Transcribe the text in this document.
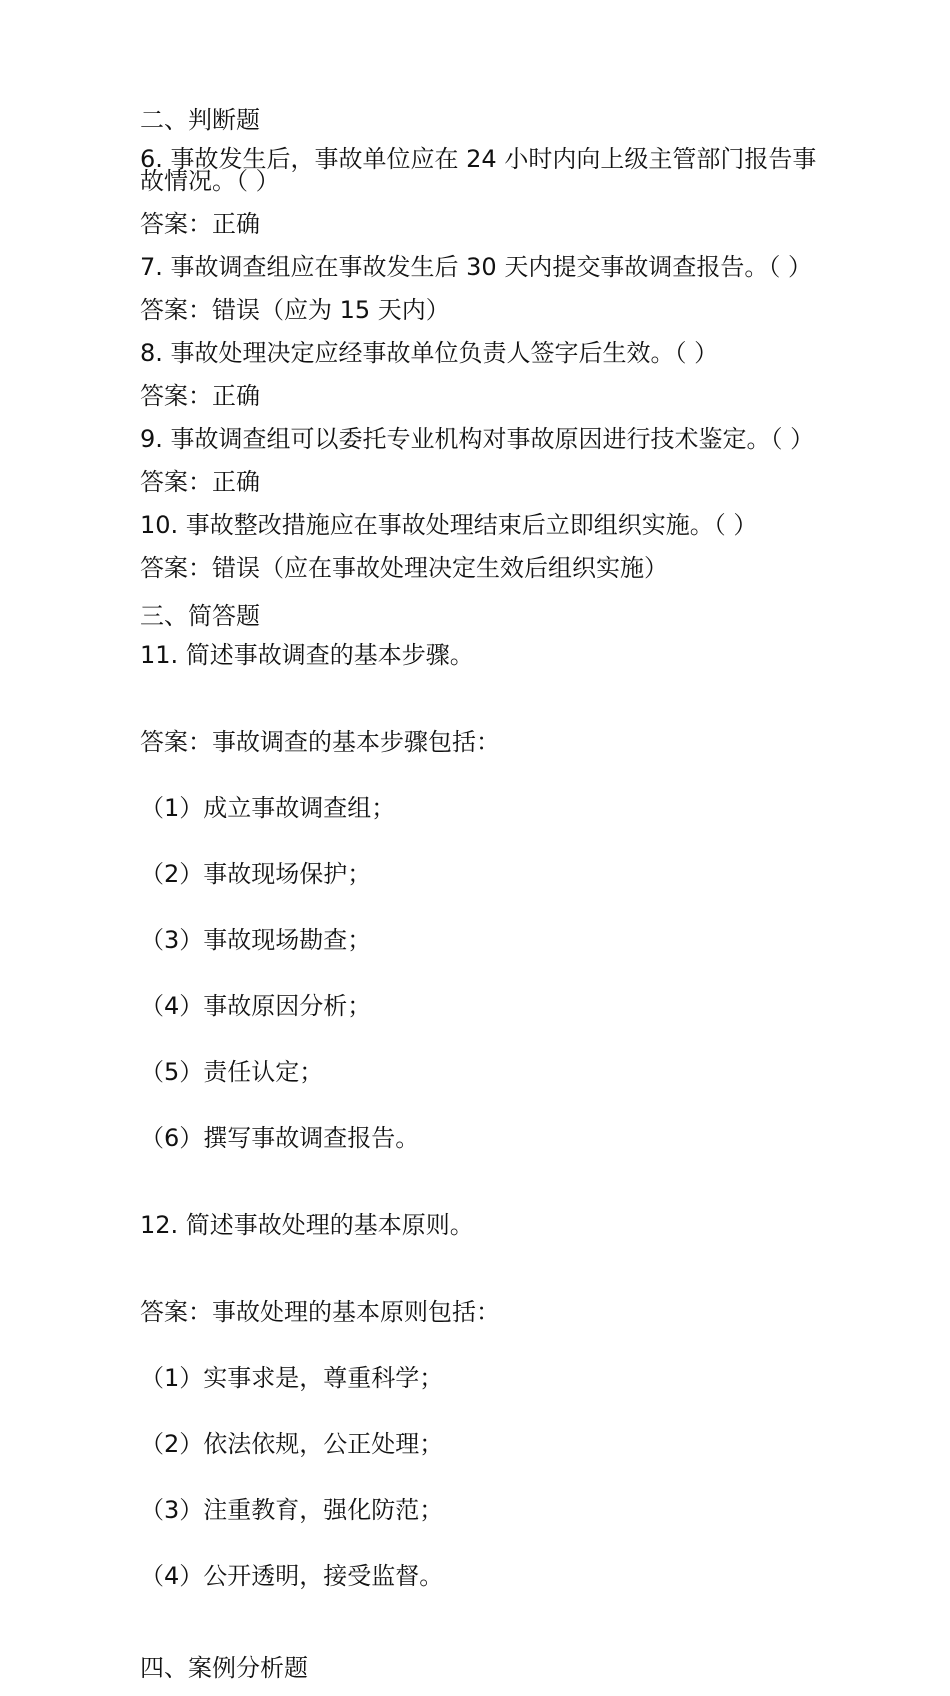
二、判断题
6. 事故发生后，事故单位应在 24 小时内向上级主管部门报告事故情况。（ ）
答案：正确
7. 事故调查组应在事故发生后 30 天内提交事故调查报告。（ ）
答案：错误（应为 15 天内）
8. 事故处理决定应经事故单位负责人签字后生效。（ ）
答案：正确
9. 事故调查组可以委托专业机构对事故原因进行技术鉴定。（ ）
答案：正确
10. 事故整改措施应在事故处理结束后立即组织实施。（ ）
答案：错误（应在事故处理决定生效后组织实施）
三、简答题
11. 简述事故调查的基本步骤。

答案：事故调查的基本步骤包括：

（1）成立事故调查组；

（2）事故现场保护；

（3）事故现场勘查；

（4）事故原因分析；

（5）责任认定；

（6）撰写事故调查报告。

12. 简述事故处理的基本原则。

答案：事故处理的基本原则包括：

（1）实事求是，尊重科学；

（2）依法依规，公正处理；

（3）注重教育，强化防范；

（4）公开透明，接受监督。

四、案例分析题
